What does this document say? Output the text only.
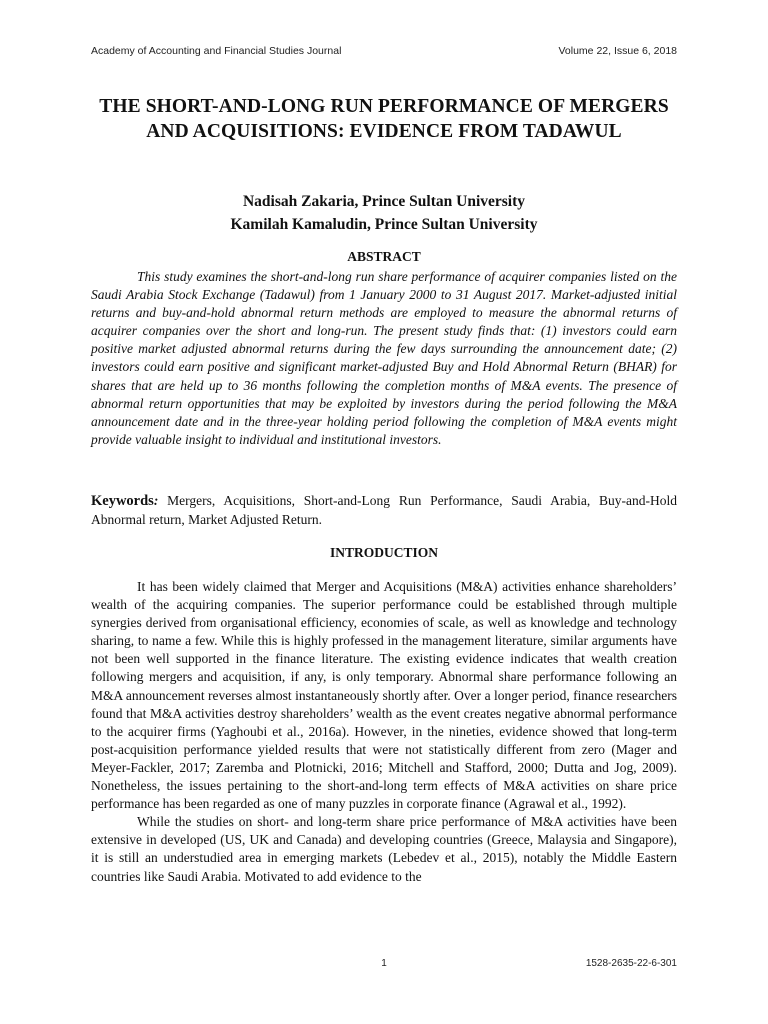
Academy of Accounting and Financial Studies Journal	Volume 22, Issue 6, 2018
THE SHORT-AND-LONG RUN PERFORMANCE OF MERGERS AND ACQUISITIONS: EVIDENCE FROM TADAWUL
Nadisah Zakaria, Prince Sultan University
Kamilah Kamaludin, Prince Sultan University
ABSTRACT

This study examines the short-and-long run share performance of acquirer companies listed on the Saudi Arabia Stock Exchange (Tadawul) from 1 January 2000 to 31 August 2017. Market-adjusted initial returns and buy-and-hold abnormal return methods are employed to measure the abnormal returns of acquirer companies over the short and long-run. The present study finds that: (1) investors could earn positive market adjusted abnormal returns during the few days surrounding the announcement date; (2) investors could earn positive and significant market-adjusted Buy and Hold Abnormal Return (BHAR) for shares that are held up to 36 months following the completion months of M&A events. The presence of abnormal return opportunities that may be exploited by investors during the period following the M&A announcement date and in the three-year holding period following the completion of M&A events might provide valuable insight to individual and institutional investors.

Keywords: Mergers, Acquisitions, Short-and-Long Run Performance, Saudi Arabia, Buy-and-Hold Abnormal return, Market Adjusted Return.

INTRODUCTION

It has been widely claimed that Merger and Acquisitions (M&A) activities enhance shareholders’ wealth of the acquiring companies. The superior performance could be established through multiple synergies derived from organisational efficiency, economies of scale, as well as knowledge and technology sharing, to name a few. While this is highly professed in the management literature, similar arguments have not been well supported in the finance literature. The existing evidence indicates that wealth creation following mergers and acquisition, if any, is only temporary. Abnormal share performance following an M&A announcement reverses almost instantaneously shortly after. Over a longer period, finance researchers found that M&A activities destroy shareholders’ wealth as the event creates negative abnormal performance to the acquirer firms (Yaghoubi et al., 2016a). However, in the nineties, evidence showed that long-term post-acquisition performance yielded results that were not statistically different from zero (Mager and Meyer-Fackler, 2017; Zaremba and Plotnicki, 2016; Mitchell and Stafford, 2000; Dutta and Jog, 2009). Nonetheless, the issues pertaining to the short-and-long term effects of M&A activities on share price performance has been regarded as one of many puzzles in corporate finance (Agrawal et al., 1992).

While the studies on short- and long-term share price performance of M&A activities have been extensive in developed (US, UK and Canada) and developing countries (Greece, Malaysia and Singapore), it is still an understudied area in emerging markets (Lebedev et al., 2015), notably the Middle Eastern countries like Saudi Arabia. Motivated to add evidence to the

1	1528-2635-22-6-301
